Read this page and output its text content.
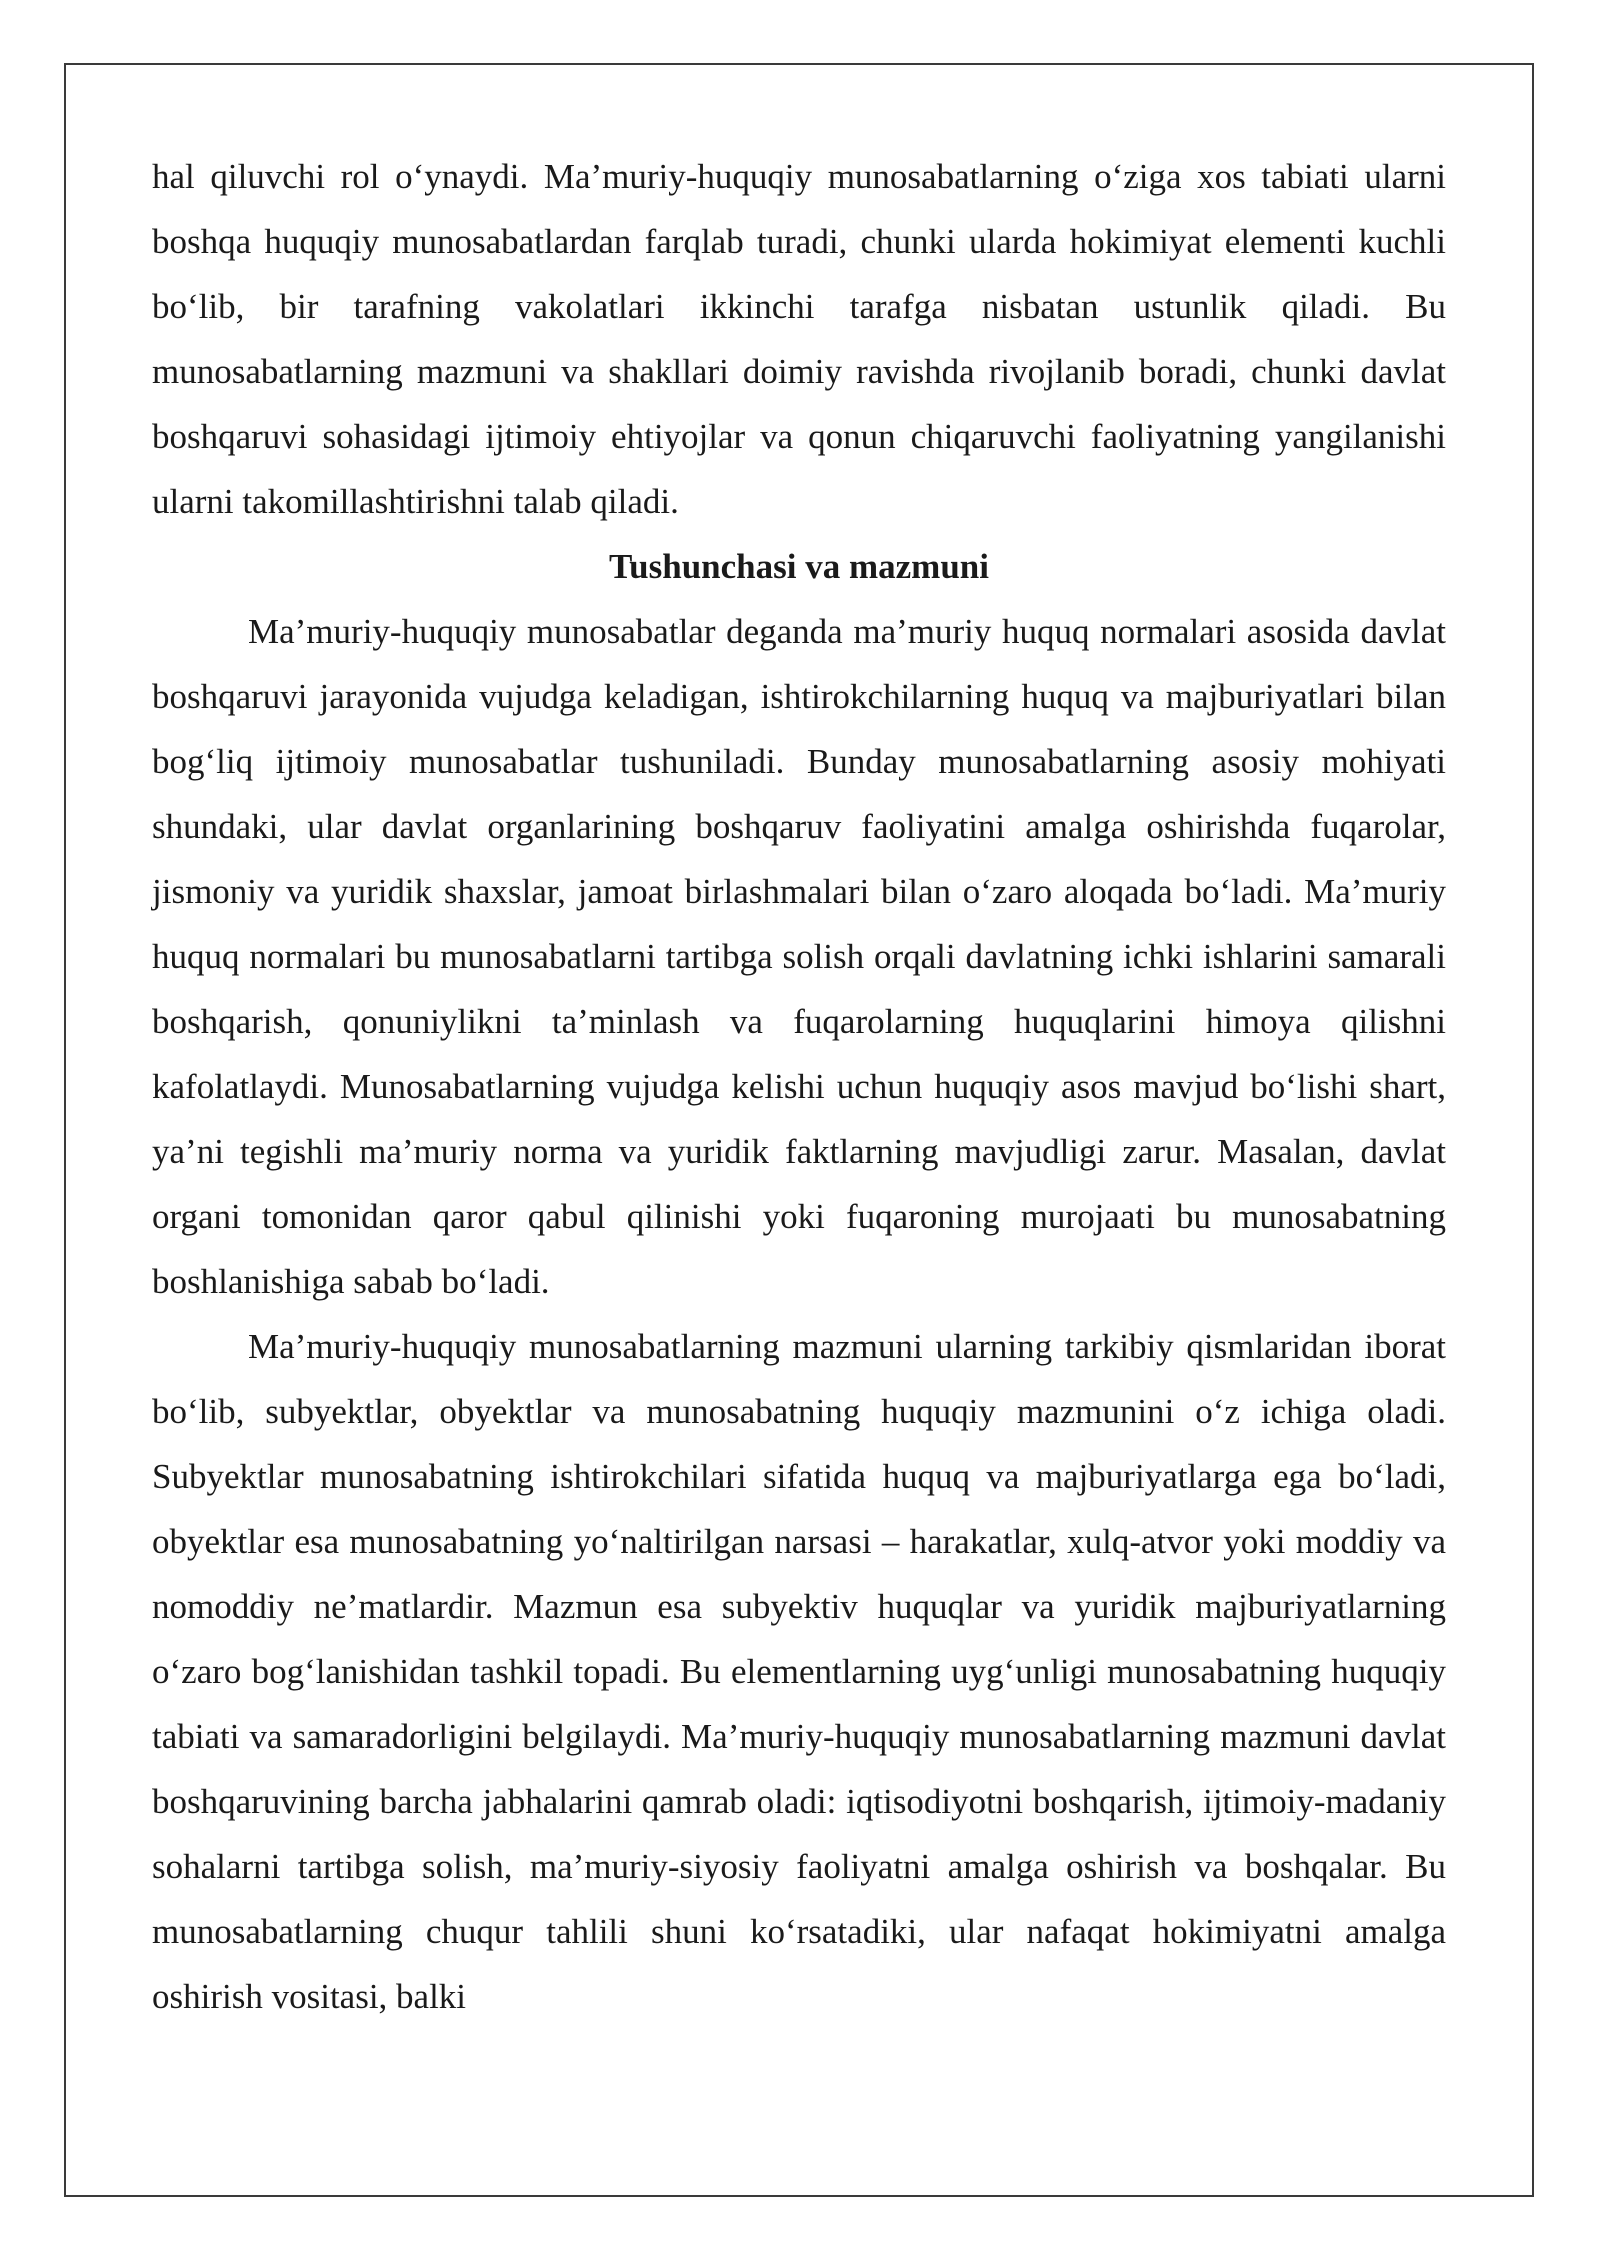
hal qiluvchi rol o‘ynaydi. Ma’muriy-huquqiy munosabatlarning o‘ziga xos tabiati ularni boshqa huquqiy munosabatlardan farqlab turadi, chunki ularda hokimiyat elementi kuchli bo‘lib, bir tarafning vakolatlari ikkinchi tarafga nisbatan ustunlik qiladi. Bu munosabatlarning mazmuni va shakllari doimiy ravishda rivojlanib boradi, chunki davlat boshqaruvi sohasidagi ijtimoiy ehtiyojlar va qonun chiqaruvchi faoliyatning yangilanishi ularni takomillashtirishni talab qiladi.

Tushunchasi va mazmuni

Ma’muriy-huquqiy munosabatlar deganda ma’muriy huquq normalari asosida davlat boshqaruvi jarayonida vujudga keladigan, ishtirokchilarning huquq va majburiyatlari bilan bog‘liq ijtimoiy munosabatlar tushuniladi. Bunday munosabatlarning asosiy mohiyati shundaki, ular davlat organlarining boshqaruv faoliyatini amalga oshirishda fuqarolar, jismoniy va yuridik shaxslar, jamoat birlashmalari bilan o‘zaro aloqada bo‘ladi. Ma’muriy huquq normalari bu munosabatlarni tartibga solish orqali davlatning ichki ishlarini samarali boshqarish, qonuniylikni ta’minlash va fuqarolarning huquqlarini himoya qilishni kafolatlaydi. Munosabatlarning vujudga kelishi uchun huquqiy asos mavjud bo‘lishi shart, ya’ni tegishli ma’muriy norma va yuridik faktlarning mavjudligi zarur. Masalan, davlat organi tomonidan qaror qabul qilinishi yoki fuqaroning murojaati bu munosabatning boshlanishiga sabab bo‘ladi.

Ma’muriy-huquqiy munosabatlarning mazmuni ularning tarkibiy qismlaridan iborat bo‘lib, subyektlar, obyektlar va munosabatning huquqiy mazmunini o‘z ichiga oladi. Subyektlar munosabatning ishtirokchilari sifatida huquq va majburiyatlarga ega bo‘ladi, obyektlar esa munosabatning yo‘naltirilgan narsasi – harakatlar, xulq-atvor yoki moddiy va nomoddiy ne’matlardir. Mazmun esa subyektiv huquqlar va yuridik majburiyatlarning o‘zaro bog‘lanishidan tashkil topadi. Bu elementlarning uyg‘unligi munosabatning huquqiy tabiati va samaradorligini belgilaydi. Ma’muriy-huquqiy munosabatlarning mazmuni davlat boshqaruvining barcha jabhalarini qamrab oladi: iqtisodiyotni boshqarish, ijtimoiy-madaniy sohalarni tartibga solish, ma’muriy-siyosiy faoliyatni amalga oshirish va boshqalar. Bu munosabatlarning chuqur tahlili shuni ko‘rsatadiki, ular nafaqat hokimiyatni amalga oshirish vositasi, balki
